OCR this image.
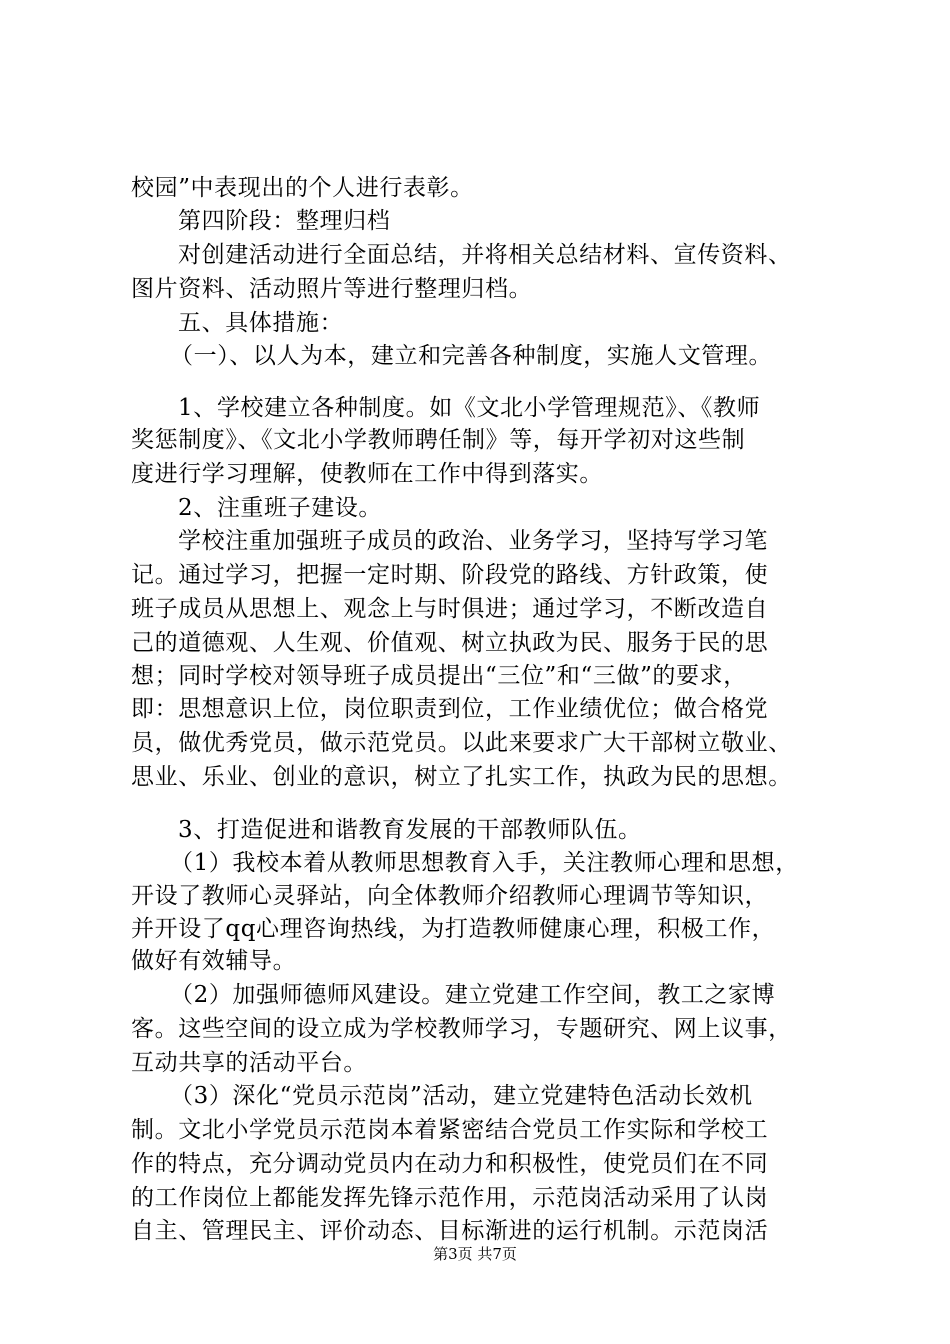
校园”中表现出的个人进行表彰。

第四阶段：整理归档

对创建活动进行全面总结，并将相关总结材料、宣传资料、

图片资料、活动照片等进行整理归档。

五、具体措施：

（一）、以人为本，建立和完善各种制度，实施人文管理。

1、学校建立各种制度。如《文北小学管理规范》、《教师

奖惩制度》、《文北小学教师聘任制》等，每开学初对这些制

度进行学习理解，使教师在工作中得到落实。

2、注重班子建设。

学校注重加强班子成员的政治、业务学习，坚持写学习笔

记。通过学习，把握一定时期、阶段党的路线、方针政策，使

班子成员从思想上、观念上与时俱进；通过学习，不断改造自

己的道德观、人生观、价值观、树立执政为民、服务于民的思

想；同时学校对领导班子成员提出“三位”和“三做”的要求，

即：思想意识上位，岗位职责到位，工作业绩优位；做合格党

员，做优秀党员，做示范党员。以此来要求广大干部树立敬业、

思业、乐业、创业的意识，树立了扎实工作，执政为民的思想。

3、打造促进和谐教育发展的干部教师队伍。

（1）我校本着从教师思想教育入手，关注教师心理和思想，

开设了教师心灵驿站，向全体教师介绍教师心理调节等知识，

并开设了qq心理咨询热线，为打造教师健康心理，积极工作，

做好有效辅导。

（2）加强师德师风建设。建立党建工作空间，教工之家博

客。这些空间的设立成为学校教师学习，专题研究、网上议事，

互动共享的活动平台。

（3）深化“党员示范岗”活动，建立党建特色活动长效机

制。文北小学党员示范岗本着紧密结合党员工作实际和学校工

作的特点，充分调动党员内在动力和积极性，使党员们在不同

的工作岗位上都能发挥先锋示范作用，示范岗活动采用了认岗

自主、管理民主、评价动态、目标渐进的运行机制。示范岗活

第3页 共7页
